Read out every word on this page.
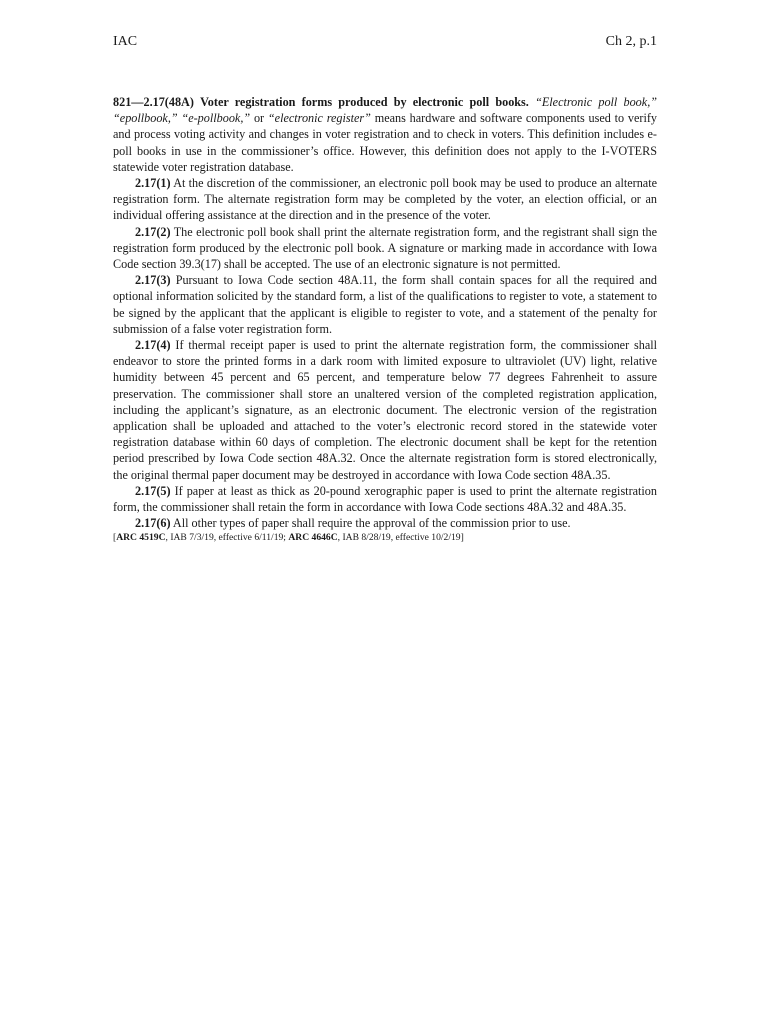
IAC	Ch 2, p.1

821—2.17(48A) Voter registration forms produced by electronic poll books. “Electronic poll book,” “epollbook,” “e-pollbook,” or “electronic register” means hardware and software components used to verify and process voting activity and changes in voter registration and to check in voters. This definition includes e-poll books in use in the commissioner’s office. However, this definition does not apply to the I-VOTERS statewide voter registration database.

2.17(1) At the discretion of the commissioner, an electronic poll book may be used to produce an alternate registration form. The alternate registration form may be completed by the voter, an election official, or an individual offering assistance at the direction and in the presence of the voter.

2.17(2) The electronic poll book shall print the alternate registration form, and the registrant shall sign the registration form produced by the electronic poll book. A signature or marking made in accordance with Iowa Code section 39.3(17) shall be accepted. The use of an electronic signature is not permitted.

2.17(3) Pursuant to Iowa Code section 48A.11, the form shall contain spaces for all the required and optional information solicited by the standard form, a list of the qualifications to register to vote, a statement to be signed by the applicant that the applicant is eligible to register to vote, and a statement of the penalty for submission of a false voter registration form.

2.17(4) If thermal receipt paper is used to print the alternate registration form, the commissioner shall endeavor to store the printed forms in a dark room with limited exposure to ultraviolet (UV) light, relative humidity between 45 percent and 65 percent, and temperature below 77 degrees Fahrenheit to assure preservation. The commissioner shall store an unaltered version of the completed registration application, including the applicant’s signature, as an electronic document. The electronic version of the registration application shall be uploaded and attached to the voter’s electronic record stored in the statewide voter registration database within 60 days of completion. The electronic document shall be kept for the retention period prescribed by Iowa Code section 48A.32. Once the alternate registration form is stored electronically, the original thermal paper document may be destroyed in accordance with Iowa Code section 48A.35.

2.17(5) If paper at least as thick as 20-pound xerographic paper is used to print the alternate registration form, the commissioner shall retain the form in accordance with Iowa Code sections 48A.32 and 48A.35.

2.17(6) All other types of paper shall require the approval of the commission prior to use.

[ARC 4519C, IAB 7/3/19, effective 6/11/19; ARC 4646C, IAB 8/28/19, effective 10/2/19]
